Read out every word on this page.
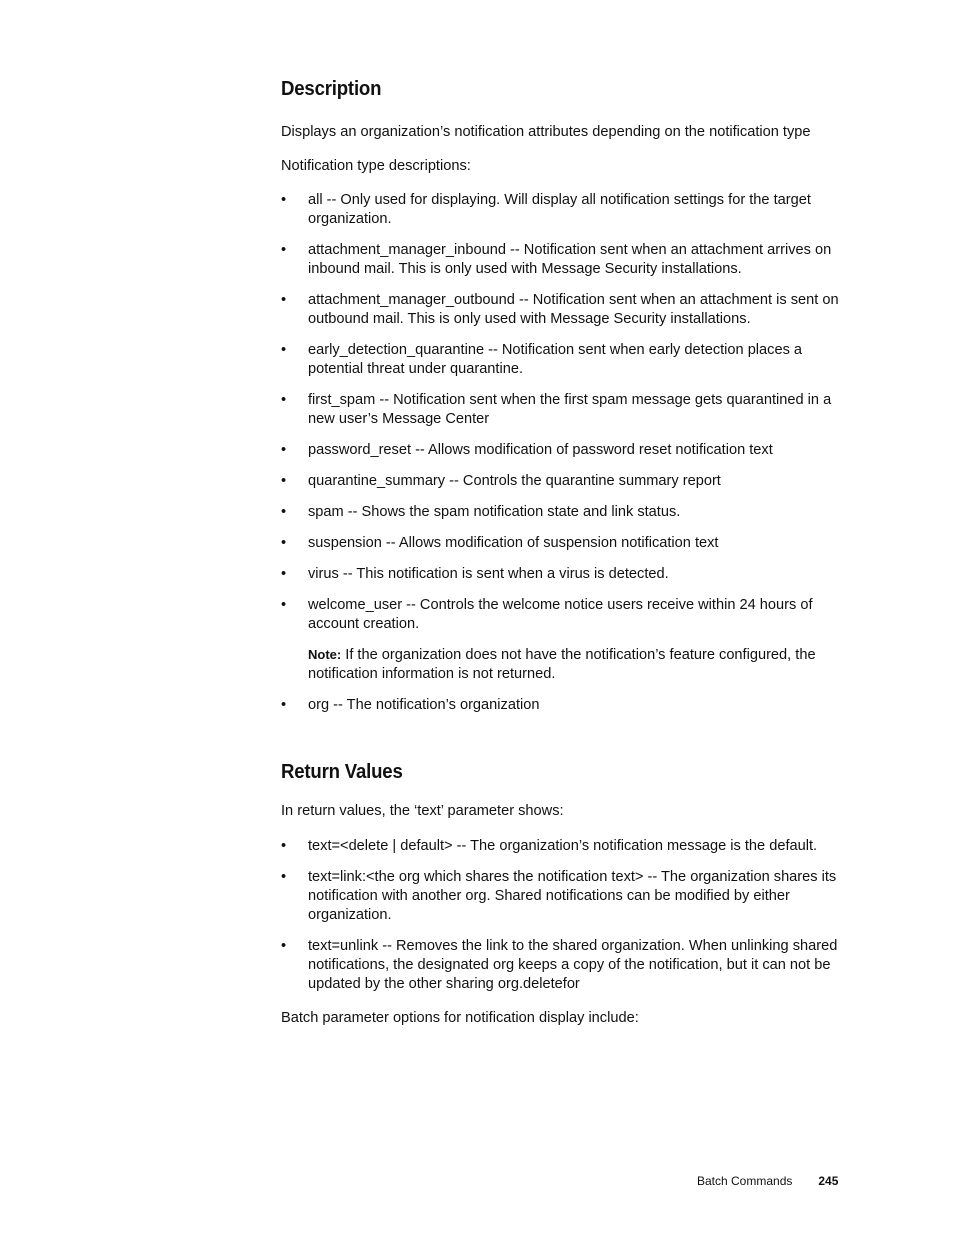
Description

Displays an organization’s notification attributes depending on the notification type

Notification type descriptions:

•	all -- Only used for displaying. Will display all notification settings for the target organization.
•	attachment_manager_inbound -- Notification sent when an attachment arrives on inbound mail. This is only used with Message Security installations.
•	attachment_manager_outbound -- Notification sent when an attachment is sent on outbound mail. This is only used with Message Security installations.
•	early_detection_quarantine -- Notification sent when early detection places a potential threat under quarantine.
•	first_spam -- Notification sent when the first spam message gets quarantined in a new user’s Message Center
•	password_reset -- Allows modification of password reset notification text
•	quarantine_summary -- Controls the quarantine summary report
•	spam -- Shows the spam notification state and link status.
•	suspension -- Allows modification of suspension notification text
•	virus -- This notification is sent when a virus is detected.
•	welcome_user -- Controls the welcome notice users receive within 24 hours of account creation.
Note: If the organization does not have the notification’s feature configured, the notification information is not returned.
•	org -- The notification’s organization
Return Values

In return values, the ‘text’ parameter shows:

•	text=<delete | default> -- The organization’s notification message is the default.
•	text=link:<the org which shares the notification text> -- The organization shares its notification with another org. Shared notifications can be modified by either organization.
•	text=unlink -- Removes the link to the shared organization. When unlinking shared notifications, the designated org keeps a copy of the notification, but it can not be updated by the other sharing org.deletefor

Batch parameter options for notification display include:

Batch Commands 245
